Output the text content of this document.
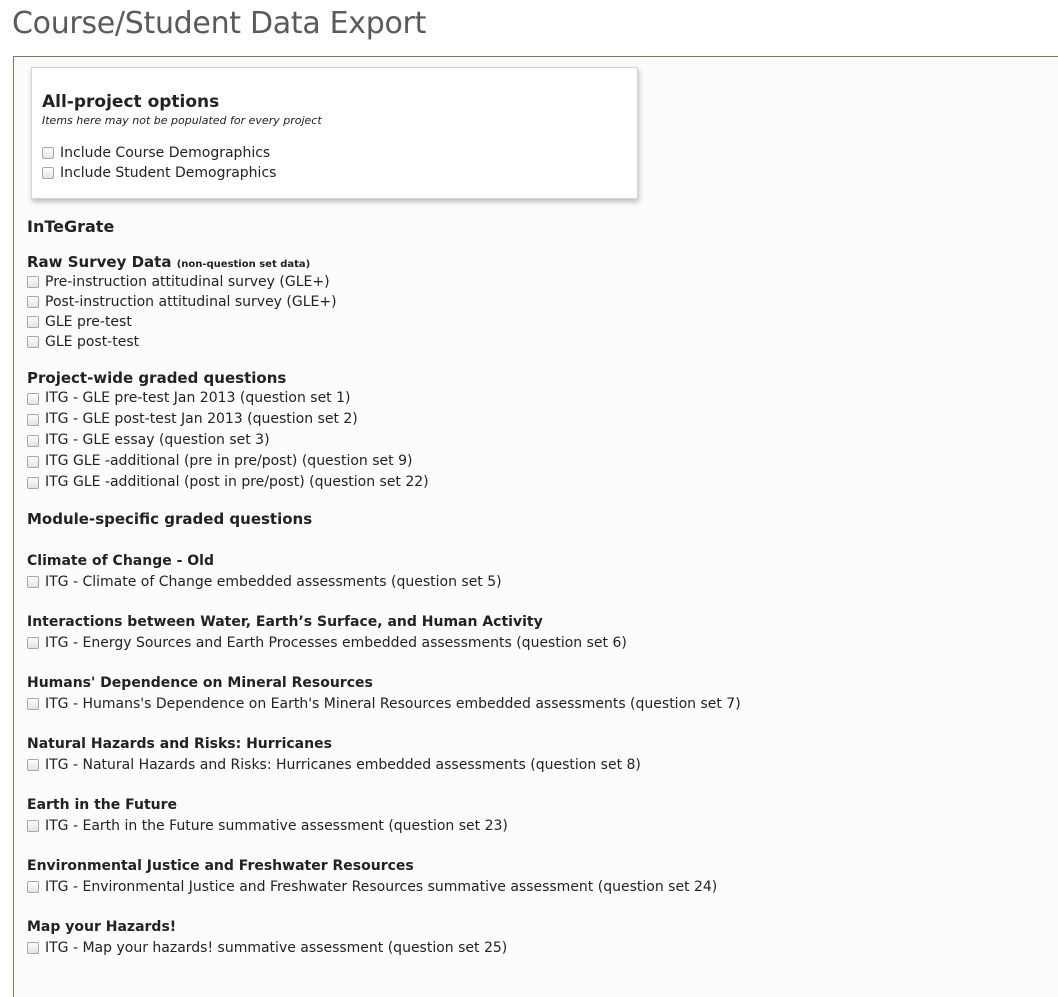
Course/Student Data Export
All-project options
Items here may not be populated for every project
Include Course Demographics
Include Student Demographics
InTeGrate
Raw Survey Data (non-question set data)
Pre-instruction attitudinal survey (GLE+)
Post-instruction attitudinal survey (GLE+)
GLE pre-test
GLE post-test
Project-wide graded questions
ITG - GLE pre-test Jan 2013 (question set 1)
ITG - GLE post-test Jan 2013 (question set 2)
ITG - GLE essay (question set 3)
ITG GLE -additional (pre in pre/post) (question set 9)
ITG GLE -additional (post in pre/post) (question set 22)
Module-specific graded questions
Climate of Change - Old
ITG - Climate of Change embedded assessments (question set 5)
Interactions between Water, Earth’s Surface, and Human Activity
ITG - Energy Sources and Earth Processes embedded assessments (question set 6)
Humans' Dependence on Mineral Resources
ITG - Humans's Dependence on Earth's Mineral Resources embedded assessments (question set 7)
Natural Hazards and Risks: Hurricanes
ITG - Natural Hazards and Risks: Hurricanes embedded assessments (question set 8)
Earth in the Future
ITG - Earth in the Future summative assessment (question set 23)
Environmental Justice and Freshwater Resources
ITG - Environmental Justice and Freshwater Resources summative assessment (question set 24)
Map your Hazards!
ITG - Map your hazards! summative assessment (question set 25)
